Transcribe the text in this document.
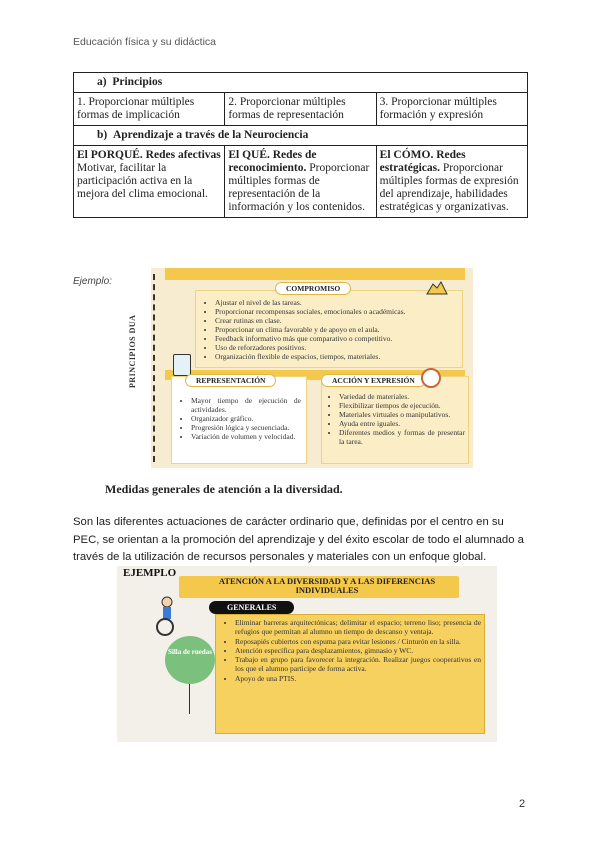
Educación física y su didáctica
a) Principios		
1. Proporcionar múltiples formas de implicación	2. Proporcionar múltiples formas de representación	3. Proporcionar múltiples formación y expresión
b) Aprendizaje a través de la Neurociencia		
El PORQUÉ. Redes afectivas Motivar, facilitar la participación activa en la mejora del clima emocional.	El QUÉ. Redes de reconocimiento. Proporcionar múltiples formas de representación de la información y los contenidos.	El CÓMO. Redes estratégicas. Proporcionar múltiples formas de expresión del aprendizaje, habilidades estratégicas y organizativas.
Ejemplo:
PRINCIPIOS DUA
COMPROMISO
• Ajustar el nivel de las tareas.
• Proporcionar recompensas sociales, emocionales o académicas.
• Crear rutinas en clase.
• Proporcionar un clima favorable y de apoyo en el aula.
• Feedback informativo más que comparativo o competitivo.
• Uso de reforzadores positivos.
• Organización flexible de espacios, tiempos, materiales.
REPRESENTACIÓN	ACCIÓN Y EXPRESIÓN
• Mayor tiempo de ejecución de actividades.
• Organizador gráfico.
• Progresión lógica y secuenciada.
• Variación de volumen y velocidad.
• Variedad de materiales.
• Flexibilizar tiempos de ejecución.
• Materiales virtuales o manipulativos.
• Ayuda entre iguales.
• Diferentes medios y formas de presentar la tarea.
Medidas generales de atención a la diversidad.
Son las diferentes actuaciones de carácter ordinario que, definidas por el centro en su PEC, se orientan a la promoción del aprendizaje y del éxito escolar de todo el alumnado a través de la utilización de recursos personales y materiales con un enfoque global.
EJEMPLO
ATENCIÓN A LA DIVERSIDAD Y A LAS DIFERENCIAS INDIVIDUALES
GENERALES
• Eliminar barreras arquitectónicas; delimitar el espacio; terreno liso; presencia de refugios que permitan al alumno un tiempo de descanso y ventaja.
• Reposapiés cubiertos con espuma para evitar lesiones / Cinturón en la silla.
• Atención específica para desplazamientos, gimnasio y WC.
• Trabajo en grupo para favorecer la integración. Realizar juegos cooperativos en los que el alumno participe de forma activa.
• Apoyo de una PTIS.
Silla de ruedas
2
